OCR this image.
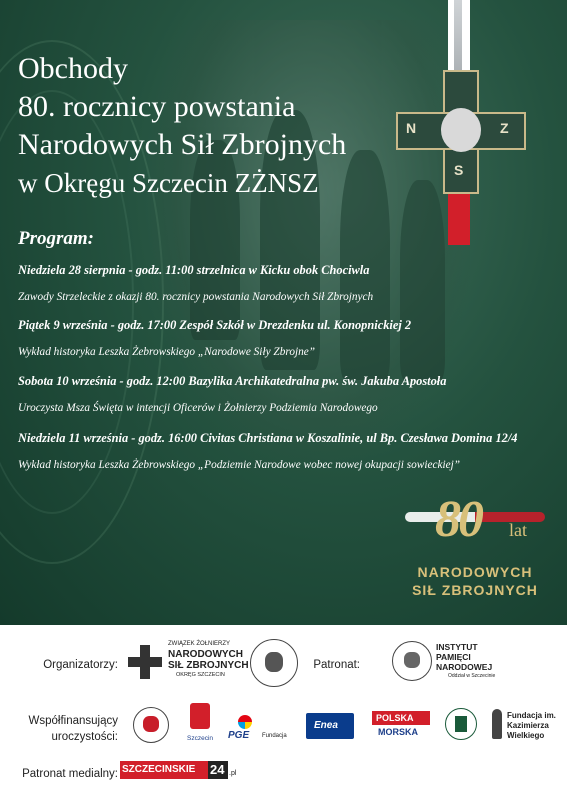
N	Z
S
Obchody
80. rocznicy powstania
Narodowych Sił Zbrojnych
w Okręgu Szczecin ZŻNSZ
Program:
Niedziela 28 sierpnia - godz. 11:00 strzelnica w Kicku obok Chociwla
Zawody Strzeleckie z okazji 80. rocznicy powstania Narodowych Sił Zbrojnych
Piątek 9 września - godz. 17:00 Zespół Szkół w Drezdenku ul. Konopnickiej 2
Wykład historyka Leszka Żebrowskiego „Narodowe Siły Zbrojne”
Sobota 10 września - godz. 12:00 Bazylika Archikatedralna pw. św. Jakuba Apostoła
Uroczysta Msza Święta w intencji Oficerów i Żołnierzy Podziemia Narodowego
Niedziela 11 września - godz. 16:00 Civitas Christiana w Koszalinie, ul Bp. Czesława Domina 12/4
Wykład historyka Leszka Żebrowskiego „Podziemie Narodowe wobec nowej okupacji sowieckiej”
80 lat
NARODOWYCH
SIŁ ZBROJNYCH
Organizatorzy:	Patronat:
Współfinansujący
uroczystości:
Patronat medialny:
ZWIĄZEK ŻOŁNIERZY
NARODOWYCH
SIŁ ZBROJNYCH
OKRĘG SZCZECIN
INSTYTUT
PAMIĘCI
NARODOWEJ
Oddział w Szczecinie
Szczecin PGE Fundacja
Enea
POLSKA
MORSKA
Fundacja im.
Kazimierza
Wielkiego
SZCZECINSKIE 24 .pl
